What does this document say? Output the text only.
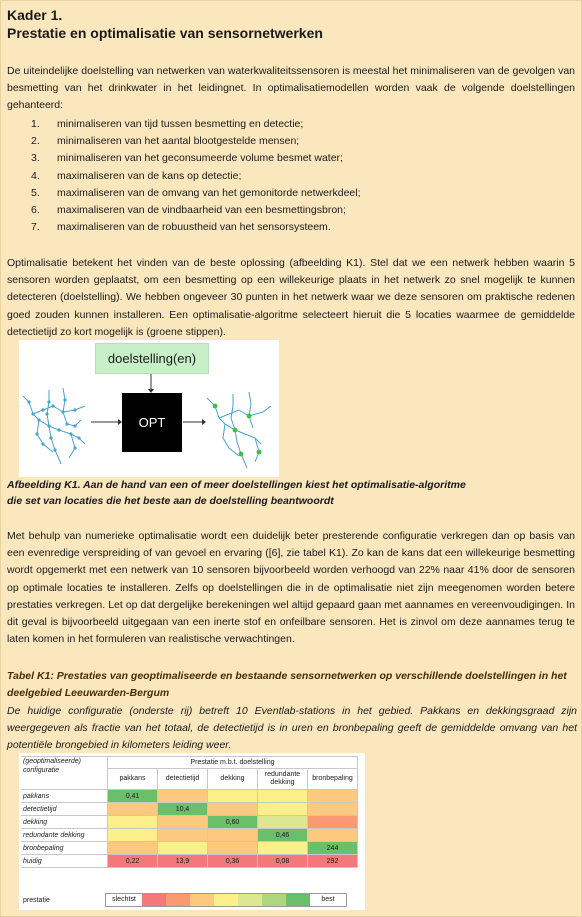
Kader 1.
Prestatie en optimalisatie van sensornetwerken

De uiteindelijke doelstelling van netwerken van waterkwaliteitssensoren is meestal het minimaliseren van de gevolgen van besmetting van het drinkwater in het leidingnet. In optimalisatiemodellen worden vaak de volgende doelstellingen gehanteerd:

1.	minimaliseren van tijd tussen besmetting en detectie;
2.	minimaliseren van het aantal blootgestelde mensen;
3.	minimaliseren van het geconsumeerde volume besmet water;
4.	maximaliseren van de kans op detectie;
5.	maximaliseren van de omvang van het gemonitorde netwerkdeel;
6.	maximaliseren van de vindbaarheid van een besmettingsbron;
7.	maximaliseren van de robuustheid van het sensorsysteem.

Optimalisatie betekent het vinden van de beste oplossing (afbeelding K1). Stel dat we een netwerk hebben waarin 5 sensoren worden geplaatst, om een besmetting op een willekeurige plaats in het netwerk zo snel mogelijk te kunnen detecteren (doelstelling). We hebben ongeveer 30 punten in het netwerk waar we deze sensoren om praktische redenen goed zouden kunnen installeren. Een optimalisatie-algoritme selecteert hieruit die 5 locaties waarmee de gemiddelde detectietijd zo kort mogelijk is (groene stippen).

doelstelling(en)
OPT

Afbeelding K1. Aan de hand van een of meer doelstellingen kiest het optimalisatie-algoritme
die set van locaties die het beste aan de doelstelling beantwoordt

Met behulp van numerieke optimalisatie wordt een duidelijk beter presterende configuratie verkregen dan op basis van een evenredige verspreiding of van gevoel en ervaring ([6], zie tabel K1). Zo kan de kans dat een willekeurige besmetting wordt opgemerkt met een netwerk van 10 sensoren bijvoorbeeld worden verhoogd van 22% naar 41% door de sensoren op optimale locaties te installeren. Zelfs op doelstellingen die in de optimalisatie niet zijn meegenomen worden betere prestaties verkregen. Let op dat dergelijke berekeningen wel altijd gepaard gaan met aannames en vereenvoudigingen. In dit geval is bijvoorbeeld uitgegaan van een inerte stof en onfeilbare sensoren. Het is zinvol om deze aannames terug te laten komen in het formuleren van realistische verwachtingen.

Tabel K1: Prestaties van geoptimaliseerde en bestaande sensornetwerken op verschillende doelstellingen in het deelgebied Leeuwarden-Bergum

De huidige configuratie (onderste rij) betreft 10 Eventlab-stations in het gebied. Pakkans en dekkingsgraad zijn weergegeven als fractie van het totaal, de detectietijd is in uren en bronbepaling geeft de gemiddelde omvang van het potentiële brongebied in kilometers leiding weer.

(geoptimaliseerde) configuratie	Prestatie m.b.t. doelstelling				
	pakkans	detectietijd	dekking	redundante dekking	bronbepaling
pakkans	0,41				
detectietijd		10,4			
dekking			0,60		
redundante dekking				0,46	
bronbepaling					244
huidig	0,22	13,9	0,36	0,08	292
prestatie	slechtst	best
